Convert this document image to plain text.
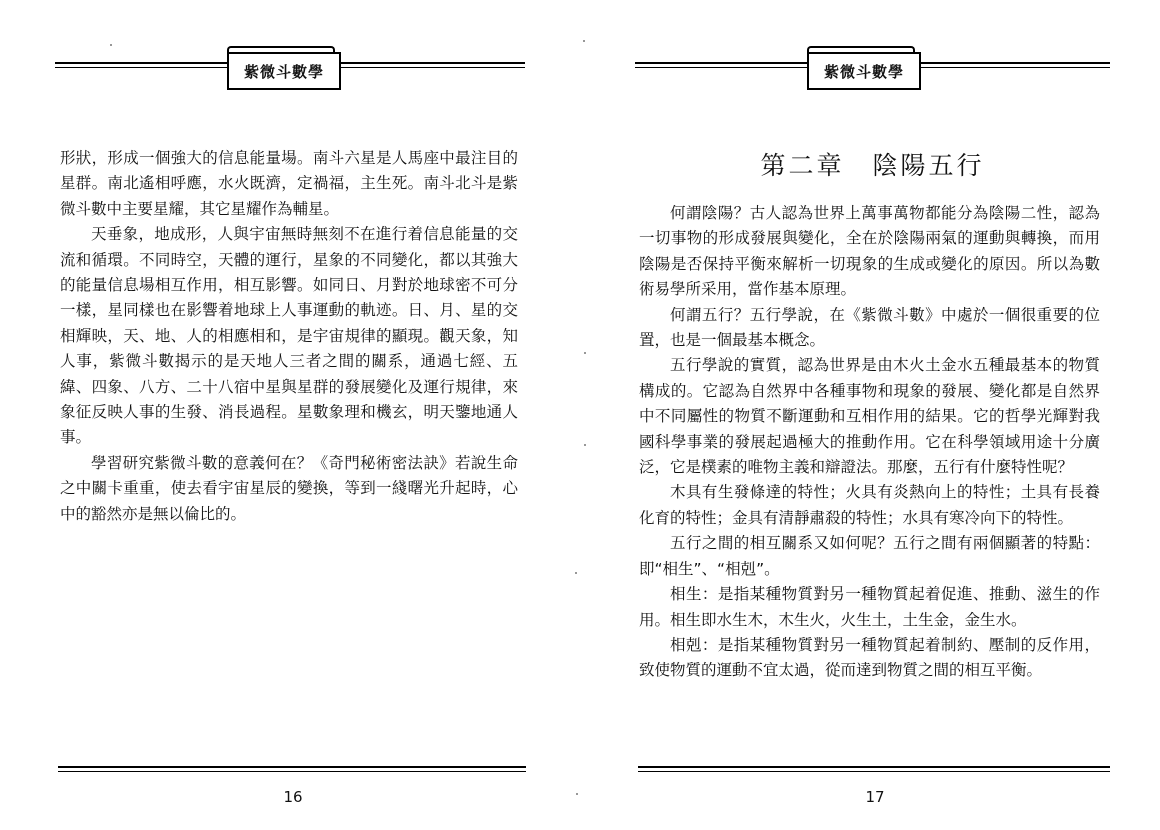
紫微斗數學

形狀，形成一個強大的信息能量場。南斗六星是人馬座中最注目的星群。南北遙相呼應，水火既濟，定禍福，主生死。南斗北斗是紫微斗數中主要星耀，其它星耀作為輔星。

天垂象，地成形，人與宇宙無時無刻不在進行着信息能量的交流和循環。不同時空，天體的運行，星象的不同變化，都以其強大的能量信息場相互作用，相互影響。如同日、月對於地球密不可分一樣，星同樣也在影響着地球上人事運動的軌迹。日、月、星的交相輝映，天、地、人的相應相和，是宇宙規律的顯現。觀天象，知人事，紫微斗數揭示的是天地人三者之間的關系，通過七經、五緯、四象、八方、二十八宿中星與星群的發展變化及運行規律，來象征反映人事的生發、消長過程。星數象理和機玄，明天鑒地通人事。

學習研究紫微斗數的意義何在？《奇門秘術密法訣》若說生命之中關卡重重，使去看宇宙星辰的變換，等到一綫曙光升起時，心中的豁然亦是無以倫比的。

16
紫微斗數學
第二章　陰陽五行

何謂陰陽？古人認為世界上萬事萬物都能分為陰陽二性，認為一切事物的形成發展與變化，全在於陰陽兩氣的運動與轉換，而用陰陽是否保持平衡來解析一切現象的生成或變化的原因。所以為數術易學所采用，當作基本原理。

何謂五行？五行學說，在《紫微斗數》中處於一個很重要的位置，也是一個最基本概念。

五行學說的實質，認為世界是由木火土金水五種最基本的物質構成的。它認為自然界中各種事物和現象的發展、變化都是自然界中不同屬性的物質不斷運動和互相作用的結果。它的哲學光輝對我國科學事業的發展起過極大的推動作用。它在科學領域用途十分廣泛，它是樸素的唯物主義和辯證法。那麼，五行有什麼特性呢？

木具有生發條達的特性；火具有炎熱向上的特性；土具有長養化育的特性；金具有清靜肅殺的特性；水具有寒冷向下的特性。

五行之間的相互關系又如何呢？五行之間有兩個顯著的特點：即“相生”、“相剋”。

相生：是指某種物質對另一種物質起着促進、推動、滋生的作用。相生即水生木，木生火，火生土，土生金，金生水。

相剋：是指某種物質對另一種物質起着制約、壓制的反作用，致使物質的運動不宜太過，從而達到物質之間的相互平衡。

17
